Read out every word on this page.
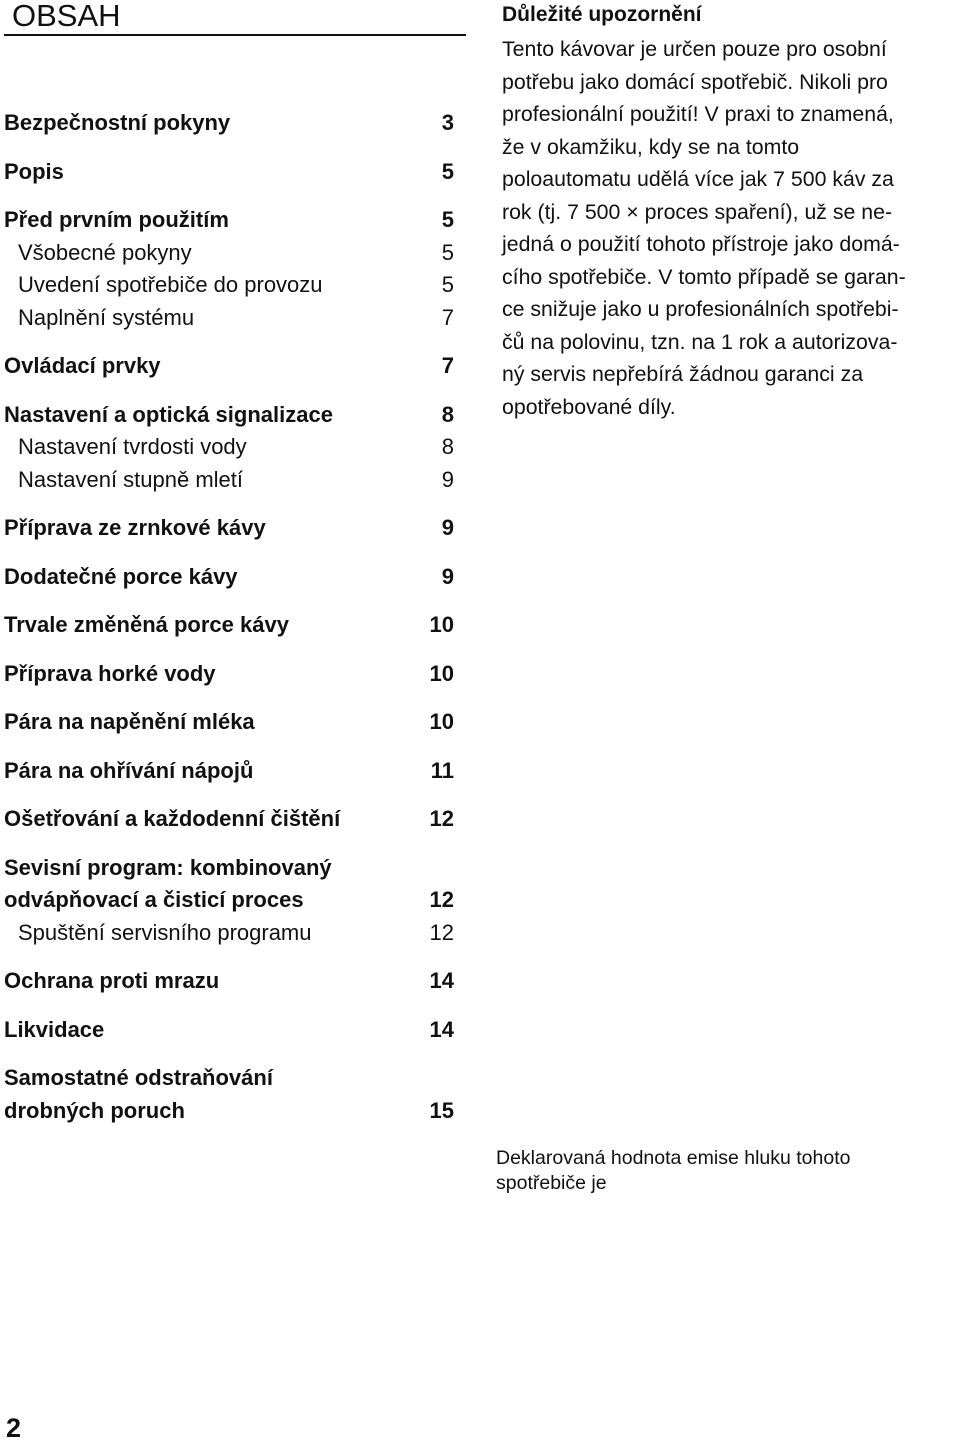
OBSAH
Bezpečnostní pokyny	3
Popis	5
Před prvním použitím	5
Všobecné pokyny	5
Uvedení spotřebiče do provozu	5
Naplnění systému	7
Ovládací prvky	7
Nastavení a optická signalizace	8
Nastavení tvrdosti vody	8
Nastavení stupně mletí	9
Příprava ze zrnkové kávy	9
Dodatečné porce kávy	9
Trvale změněná porce kávy	10
Příprava horké vody	10
Pára na napěnění mléka	10
Pára na ohřívání nápojů	11
Ošetřování a každodenní čištění	12
Sevisní program: kombinovaný
odvápňovací a čisticí proces	12
Spuštění servisního programu	12
Ochrana proti mrazu	14
Likvidace	14
Samostatné odstraňování
drobných poruch	15
Důležité upozornění
Tento kávovar je určen pouze pro osobní
potřebu jako domácí spotřebič. Nikoli pro
profesionální použití! V praxi to znamená,
že v okamžiku, kdy se na tomto
poloautomatu udělá více jak 7 500 káv za
rok (tj. 7 500 × proces spaření), už se ne-
jedná o použití tohoto přístroje jako domá-
cího spotřebiče. V tomto případě se garan-
ce snižuje jako u profesionálních spotřebi-
čů na polovinu, tzn. na 1 rok a autorizova-
ný servis nepřebírá žádnou garanci za
opotřebované díly.
Deklarovaná hodnota emise hluku tohoto
spotřebiče je
2
